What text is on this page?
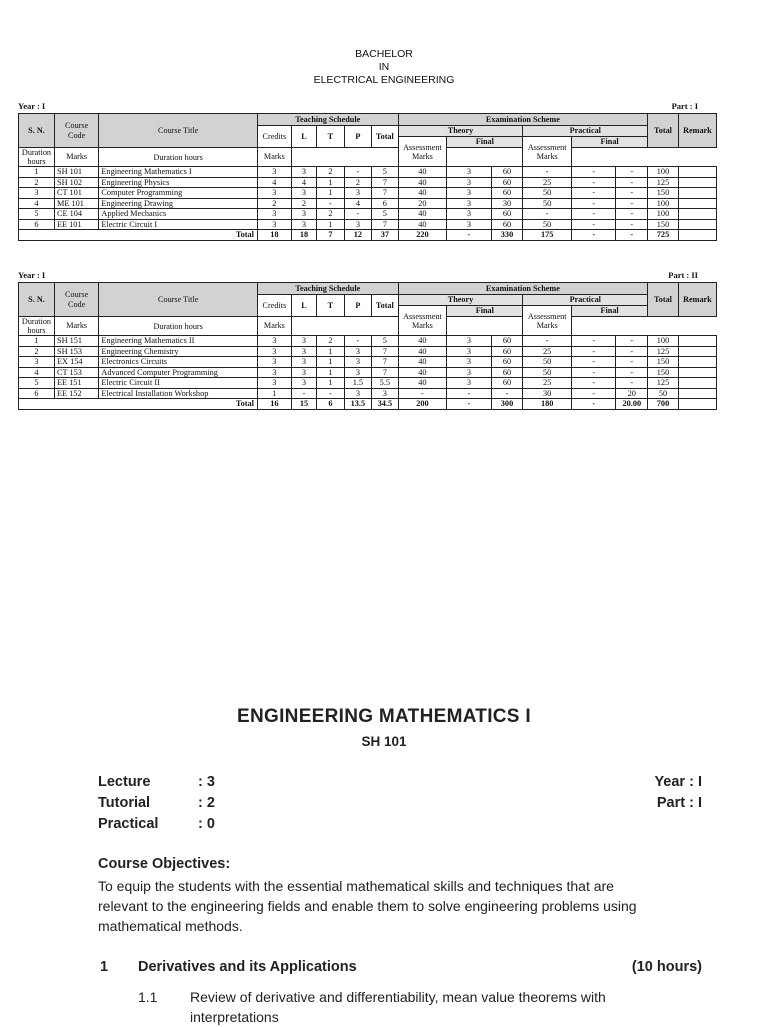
BACHELOR
IN
ELECTRICAL ENGINEERING
Year : I	Part : I
S. N.	Course Code	Course Title	Teaching Schedule					Examination Scheme						Total	Remark
			Credits	L	T	P	Total	Theory			Practical				
								Assessment Marks	Final		Assessment Marks	Final			
Duration hours	Marks	Duration hours	Marks												
1	SH 101	Engineering Mathematics I	3	3	2	-	5	40	3	60	-	-	-	100	
2	SH 102	Engineering Physics	4	4	1	2	7	40	3	60	25	-	-	125	
3	CT 101	Computer Programming	3	3	1	3	7	40	3	60	50	-	-	150	
4	ME 101	Engineering Drawing	2	2	-	4	6	20	3	30	50	-	-	100	
5	CE 104	Applied Mechanics	3	3	2	-	5	40	3	60	-	-	-	100	
6	EE 101	Electric Circuit I	3	3	1	3	7	40	3	60	50	-	-	150	
Total			18	18	7	12	37	220	-	330	175	-	-	725	
Year : I	Part : II
S. N.	Course Code	Course Title	Teaching Schedule					Examination Scheme						Total	Remark
			Credits	L	T	P	Total	Theory			Practical				
								Assessment Marks	Final		Assessment Marks	Final			
Duration hours	Marks	Duration hours	Marks												
1	SH 151	Engineering Mathematics II	3	3	2	-	5	40	3	60	-	-	-	100	
2	SH 153	Engineering Chemistry	3	3	1	3	7	40	3	60	25	-	-	125	
3	EX 154	Electronics Circuits	3	3	1	3	7	40	3	60	50	-	-	150	
4	CT 153	Advanced Computer Programming	3	3	1	3	7	40	3	60	50	-	-	150	
5	EE 151	Electric Circuit II	3	3	1	1.5	5.5	40	3	60	25	-	-	125	
6	EE 152	Electrical Installation Workshop	1	-	-	3	3	-	-	-	30	-	20	50	
Total			16	15	6	13.5	34.5	200	-	300	180	-	20.00	700	
ENGINEERING MATHEMATICS I
SH 101
Lecture	: 3
Tutorial	: 2
Practical	: 0
Year : I
Part : I
Course Objectives:
To equip the students with the essential mathematical skills and techniques that are
relevant to the engineering fields and enable them to solve engineering problems using
mathematical methods.
1 Derivatives and its Applications	(10 hours)
1.1 Review of derivative and differentiability, mean value theorems with
interpretations
